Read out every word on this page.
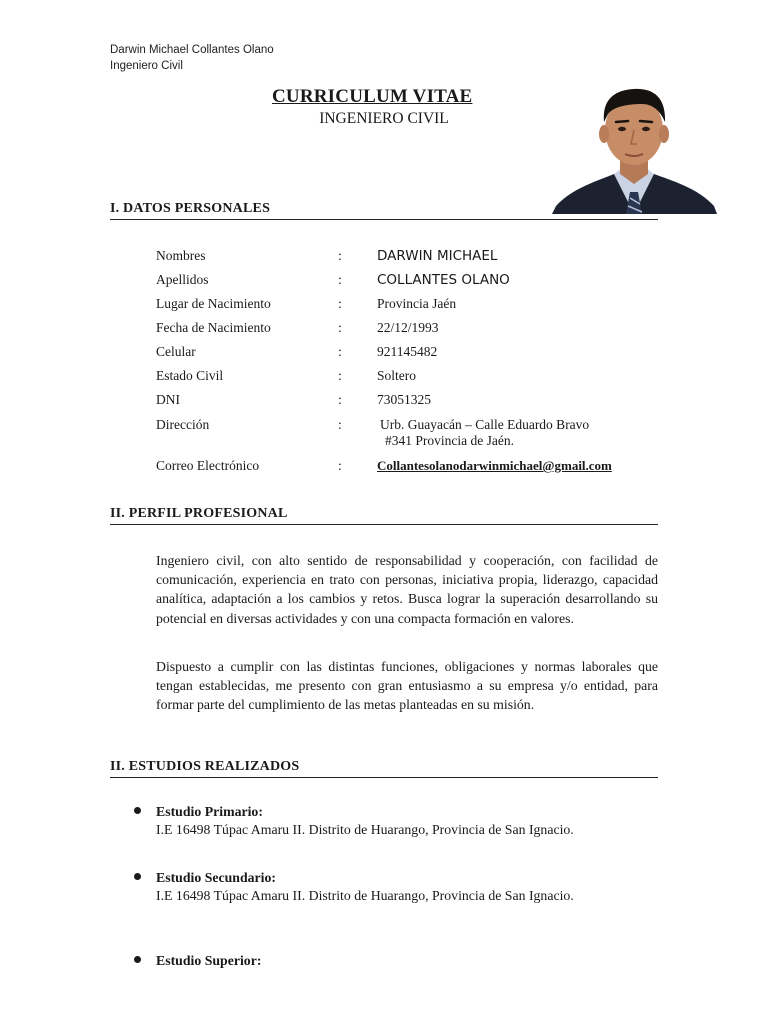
Darwin Michael Collantes Olano
Ingeniero Civil
CURRICULUM VITAE
INGENIERO CIVIL
I. DATOS PERSONALES
Nombres	:	DARWIN MICHAEL
Apellidos	:	COLLANTES OLANO
Lugar de Nacimiento	:	Provincia Jaén
Fecha de Nacimiento	:	22/12/1993
Celular	:	921145482
Estado Civil	:	Soltero
DNI	:	73051325
Dirección	:	Urb. Guayacán – Calle Eduardo Bravo
#341 Provincia de Jaén.
Correo Electrónico	:	Collantesolanodarwinmichael@gmail.com
II. PERFIL PROFESIONAL
Ingeniero civil, con alto sentido de responsabilidad y cooperación, con facilidad de comunicación, experiencia en trato con personas, iniciativa propia, liderazgo, capacidad analítica, adaptación a los cambios y retos. Busca lograr la superación desarrollando su potencial en diversas actividades y con una compacta formación en valores.
Dispuesto a cumplir con las distintas funciones, obligaciones y normas laborales que tengan establecidas, me presento con gran entusiasmo a su empresa y/o entidad, para formar parte del cumplimiento de las metas planteadas en su misión.
II. ESTUDIOS REALIZADOS
Estudio Primario:
I.E 16498 Túpac Amaru II. Distrito de Huarango, Provincia de San Ignacio.
Estudio Secundario:
I.E 16498 Túpac Amaru II. Distrito de Huarango, Provincia de San Ignacio.
Estudio Superior:
